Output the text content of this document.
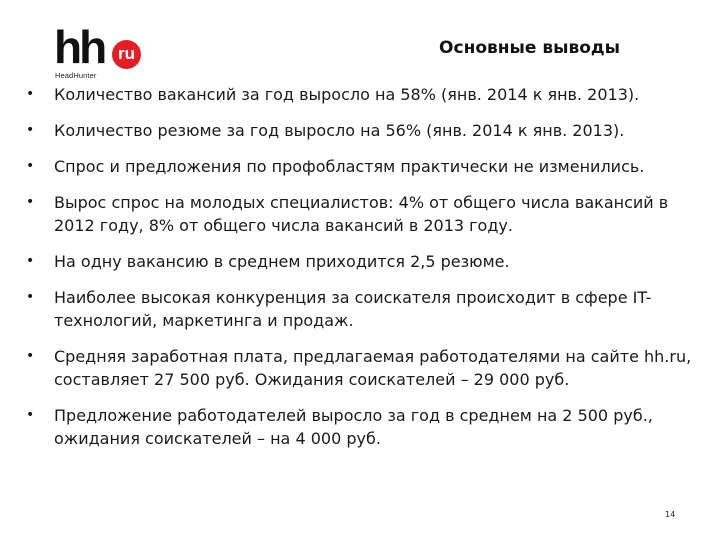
hh ru
HeadHunter
Основные выводы
• Количество вакансий за год выросло на 58% (янв. 2014 к янв. 2013).
• Количество резюме за год выросло на 56% (янв. 2014 к янв. 2013).
• Спрос и предложения по профобластям практически не изменились.
• Вырос спрос на молодых специалистов: 4% от общего числа вакансий в 2012 году, 8% от общего числа вакансий в 2013 году.
• На одну вакансию в среднем приходится 2,5 резюме.
• Наиболее высокая конкуренция за соискателя происходит в сфере IT-технологий, маркетинга и продаж.
• Средняя заработная плата, предлагаемая работодателями на сайте hh.ru, составляет 27 500 руб. Ожидания соискателей – 29 000 руб.
• Предложение работодателей выросло за год в среднем на 2 500 руб., ожидания соискателей – на 4 000 руб.
14
